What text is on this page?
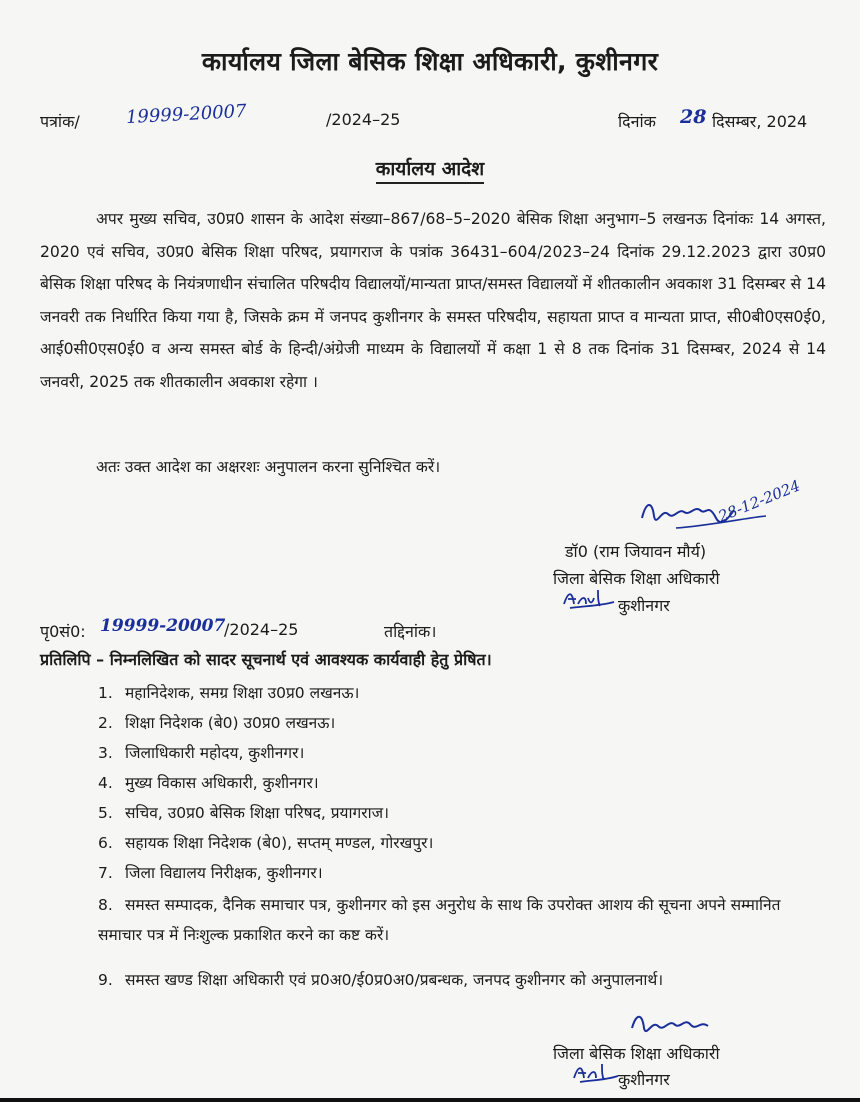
कार्यालय जिला बेसिक शिक्षा अधिकारी, कुशीनगर
पत्रांक/	19999-20007	/2024–25	दिनांक 28 दिसम्बर, 2024
कार्यालय आदेश

अपर मुख्य सचिव, उ0प्र0 शासन के आदेश संख्या–867/68–5–2020 बेसिक शिक्षा अनुभाग–5 लखनऊ दिनांकः 14 अगस्त, 2020 एवं सचिव, उ0प्र0 बेसिक शिक्षा परिषद, प्रयागराज के पत्रांक 36431–604/2023–24 दिनांक 29.12.2023 द्वारा उ0प्र0 बेसिक शिक्षा परिषद के नियंत्रणाधीन संचालित परिषदीय विद्यालयों/मान्यता प्राप्त/समस्त विद्यालयों में शीतकालीन अवकाश 31 दिसम्बर से 14 जनवरी तक निर्धारित किया गया है, जिसके क्रम में जनपद कुशीनगर के समस्त परिषदीय, सहायता प्राप्त व मान्यता प्राप्त, सी0बी0एस0ई0, आई0सी0एस0ई0 व अन्य समस्त बोर्ड के हिन्दी/अंग्रेजी माध्यम के विद्यालयों में कक्षा 1 से 8 तक दिनांक 31 दिसम्बर, 2024 से 14 जनवरी, 2025 तक शीतकालीन अवकाश रहेगा ।

अतः उक्त आदेश का अक्षरशः अनुपालन करना सुनिश्चित करें।
28-12-2024
डॉ0 (राम जियावन मौर्य)
जिला बेसिक शिक्षा अधिकारी
कुशीनगर
पृ0सं0: 19999-20007
/2024–25	तद्दिनांक।
प्रतिलिपि – निम्नलिखित को सादर सूचनार्थ एवं आवश्यक कार्यवाही हेतु प्रेषित।
1. महानिदेशक, समग्र शिक्षा उ0प्र0 लखनऊ।
2. शिक्षा निदेशक (बे0) उ0प्र0 लखनऊ।
3. जिलाधिकारी महोदय, कुशीनगर।
4. मुख्य विकास अधिकारी, कुशीनगर।
5. सचिव, उ0प्र0 बेसिक शिक्षा परिषद, प्रयागराज।
6. सहायक शिक्षा निदेशक (बे0), सप्तम् मण्डल, गोरखपुर।
7. जिला विद्यालय निरीक्षक, कुशीनगर।
8. समस्त सम्पादक, दैनिक समाचार पत्र, कुशीनगर को इस अनुरोध के साथ कि उपरोक्त आशय की सूचना अपने सम्मानित समाचार पत्र में निःशुल्क प्रकाशित करने का कष्ट करें।
9. समस्त खण्ड शिक्षा अधिकारी एवं प्र0अ0/ई0प्र0अ0/प्रबन्धक, जनपद कुशीनगर को अनुपालनार्थ।
जिला बेसिक शिक्षा अधिकारी
कुशीनगर
